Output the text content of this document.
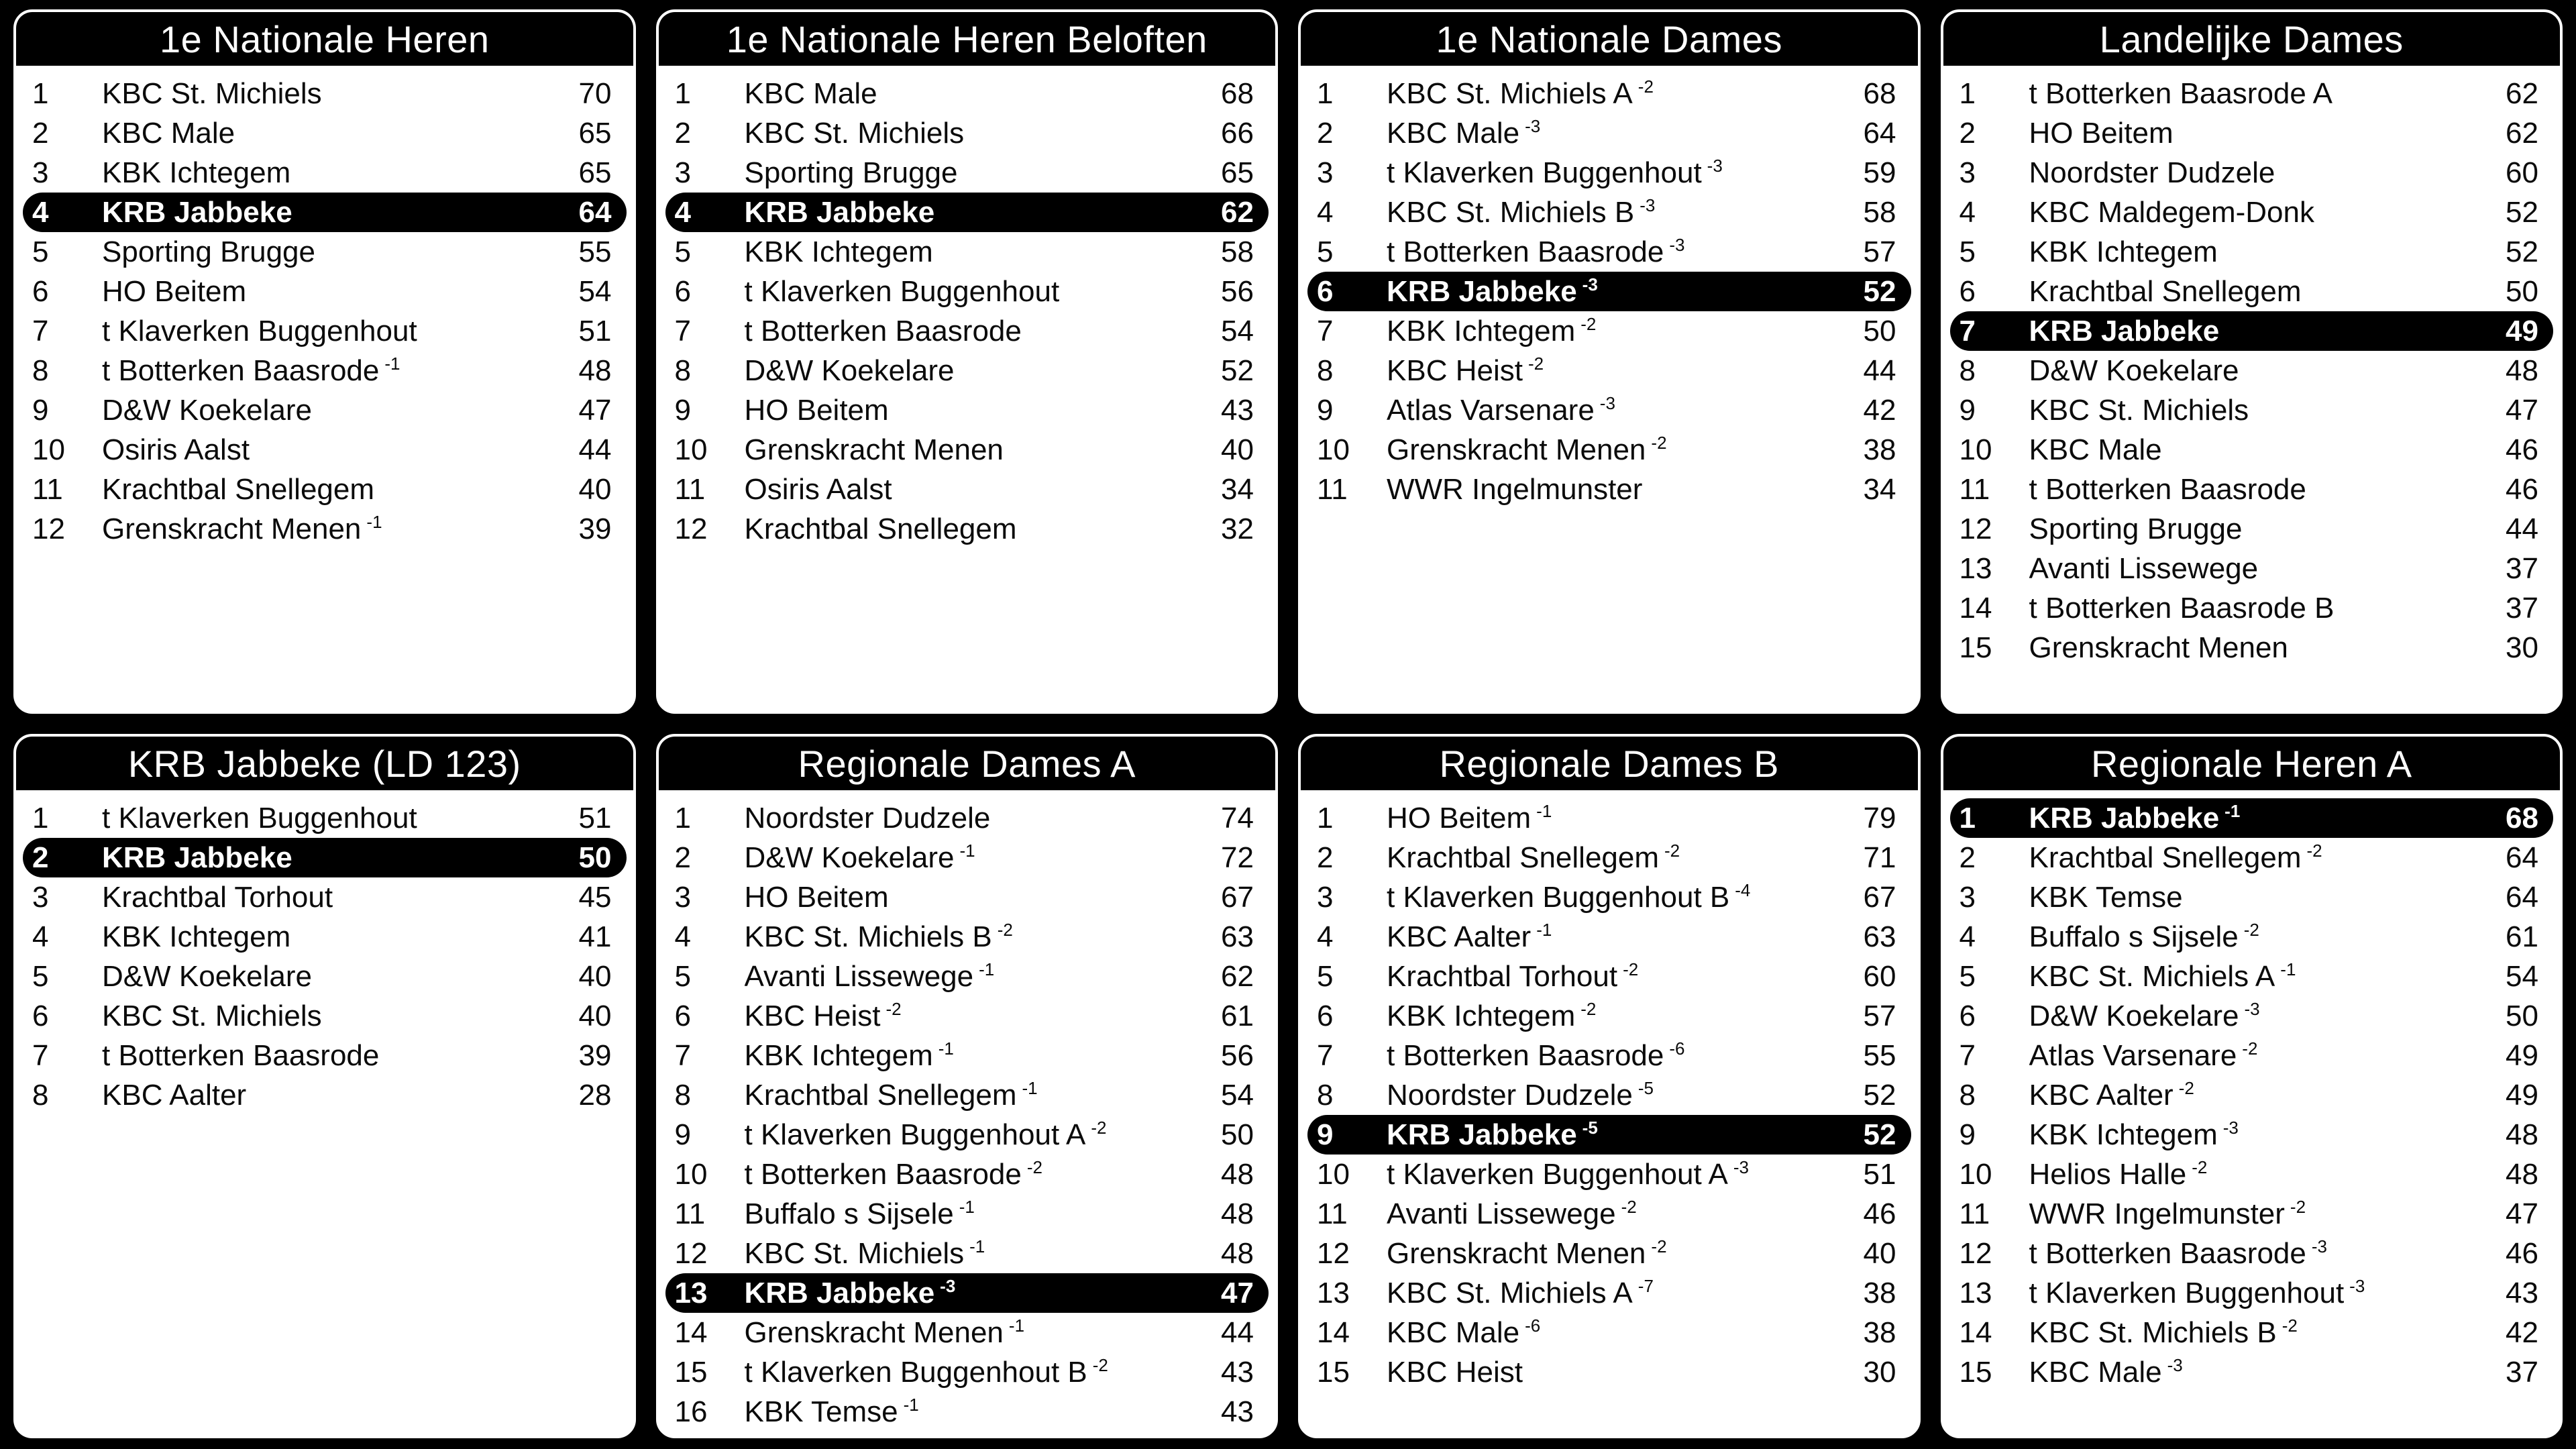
1e Nationale Heren
1	KBC St. Michiels	70
2	KBC Male	65
3	KBK Ichtegem	65
4	KRB Jabbeke	64
5	Sporting Brugge	55
6	HO Beitem	54
7	t Klaverken Buggenhout	51
8	t Botterken Baasrode -1	48
9	D&W Koekelare	47
10	Osiris Aalst	44
11	Krachtbal Snellegem	40
12	Grenskracht Menen -1	39
1e Nationale Heren Beloften
1	KBC Male	68
2	KBC St. Michiels	66
3	Sporting Brugge	65
4	KRB Jabbeke	62
5	KBK Ichtegem	58
6	t Klaverken Buggenhout	56
7	t Botterken Baasrode	54
8	D&W Koekelare	52
9	HO Beitem	43
10	Grenskracht Menen	40
11	Osiris Aalst	34
12	Krachtbal Snellegem	32
1e Nationale Dames
1	KBC St. Michiels A -2	68
2	KBC Male -3	64
3	t Klaverken Buggenhout -3	59
4	KBC St. Michiels B -3	58
5	t Botterken Baasrode -3	57
6	KRB Jabbeke -3	52
7	KBK Ichtegem -2	50
8	KBC Heist -2	44
9	Atlas Varsenare -3	42
10	Grenskracht Menen -2	38
11	WWR Ingelmunster	34
Landelijke Dames
1	t Botterken Baasrode A	62
2	HO Beitem	62
3	Noordster Dudzele	60
4	KBC Maldegem-Donk	52
5	KBK Ichtegem	52
6	Krachtbal Snellegem	50
7	KRB Jabbeke	49
8	D&W Koekelare	48
9	KBC St. Michiels	47
10	KBC Male	46
11	t Botterken Baasrode	46
12	Sporting Brugge	44
13	Avanti Lissewege	37
14	t Botterken Baasrode B	37
15	Grenskracht Menen	30
KRB Jabbeke (LD 123)
1	t Klaverken Buggenhout	51
2	KRB Jabbeke	50
3	Krachtbal Torhout	45
4	KBK Ichtegem	41
5	D&W Koekelare	40
6	KBC St. Michiels	40
7	t Botterken Baasrode	39
8	KBC Aalter	28
Regionale Dames A
1	Noordster Dudzele	74
2	D&W Koekelare -1	72
3	HO Beitem	67
4	KBC St. Michiels B -2	63
5	Avanti Lissewege -1	62
6	KBC Heist -2	61
7	KBK Ichtegem -1	56
8	Krachtbal Snellegem -1	54
9	t Klaverken Buggenhout A -2	50
10	t Botterken Baasrode -2	48
11	Buffalo s Sijsele -1	48
12	KBC St. Michiels -1	48
13	KRB Jabbeke -3	47
14	Grenskracht Menen -1	44
15	t Klaverken Buggenhout B -2	43
16	KBK Temse -1	43
Regionale Dames B
1	HO Beitem -1	79
2	Krachtbal Snellegem -2	71
3	t Klaverken Buggenhout B -4	67
4	KBC Aalter -1	63
5	Krachtbal Torhout -2	60
6	KBK Ichtegem -2	57
7	t Botterken Baasrode -6	55
8	Noordster Dudzele -5	52
9	KRB Jabbeke -5	52
10	t Klaverken Buggenhout A -3	51
11	Avanti Lissewege -2	46
12	Grenskracht Menen -2	40
13	KBC St. Michiels A -7	38
14	KBC Male -6	38
15	KBC Heist	30
Regionale Heren A
1	KRB Jabbeke -1	68
2	Krachtbal Snellegem -2	64
3	KBK Temse	64
4	Buffalo s Sijsele -2	61
5	KBC St. Michiels A -1	54
6	D&W Koekelare -3	50
7	Atlas Varsenare -2	49
8	KBC Aalter -2	49
9	KBK Ichtegem -3	48
10	Helios Halle -2	48
11	WWR Ingelmunster -2	47
12	t Botterken Baasrode -3	46
13	t Klaverken Buggenhout -3	43
14	KBC St. Michiels B -2	42
15	KBC Male -3	37
